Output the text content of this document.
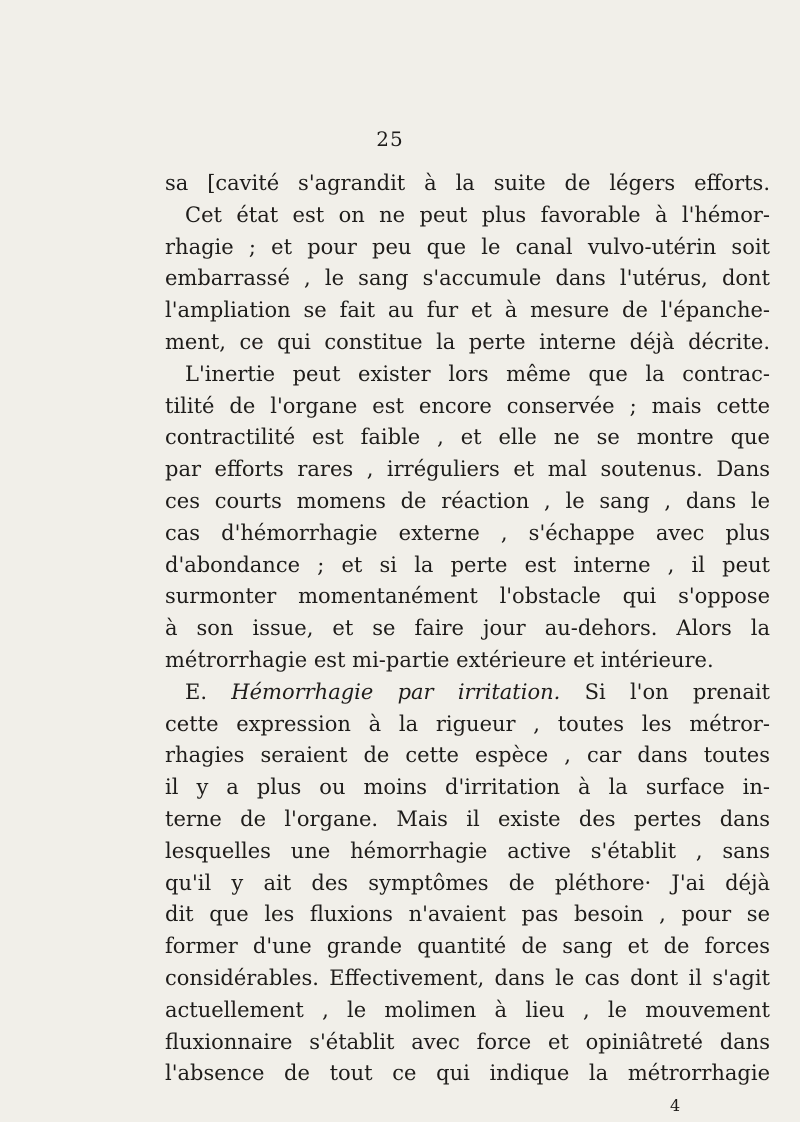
25
sa [cavité s'agrandit à la suite de légers efforts.
Cet état est on ne peut plus favorable à l'hémor-
rhagie ; et pour peu que le canal vulvo-utérin soit
embarrassé , le sang s'accumule dans l'utérus, dont
l'ampliation se fait au fur et à mesure de l'épanche-
ment, ce qui constitue la perte interne déjà décrite.
L'inertie peut exister lors même que la contrac-
tilité de l'organe est encore conservée ; mais cette
contractilité est faible , et elle ne se montre que
par efforts rares , irréguliers et mal soutenus. Dans
ces courts momens de réaction , le sang , dans le
cas d'hémorrhagie externe , s'échappe avec plus
d'abondance ; et si la perte est interne , il peut
surmonter momentanément l'obstacle qui s'oppose
à son issue, et se faire jour au-dehors. Alors la
métrorrhagie est mi-partie extérieure et intérieure.
E. Hémorrhagie par irritation. Si l'on prenait
cette expression à la rigueur , toutes les métror-
rhagies seraient de cette espèce , car dans toutes
il y a plus ou moins d'irritation à la surface in-
terne de l'organe. Mais il existe des pertes dans
lesquelles une hémorrhagie active s'établit , sans
qu'il y ait des symptômes de pléthore· J'ai déjà
dit que les fluxions n'avaient pas besoin , pour se
former d'une grande quantité de sang et de forces
considérables. Effectivement, dans le cas dont il s'agit
actuellement , le molimen à lieu , le mouvement
fluxionnaire s'établit avec force et opiniâtreté dans
l'absence de tout ce qui indique la métrorrhagie
4
